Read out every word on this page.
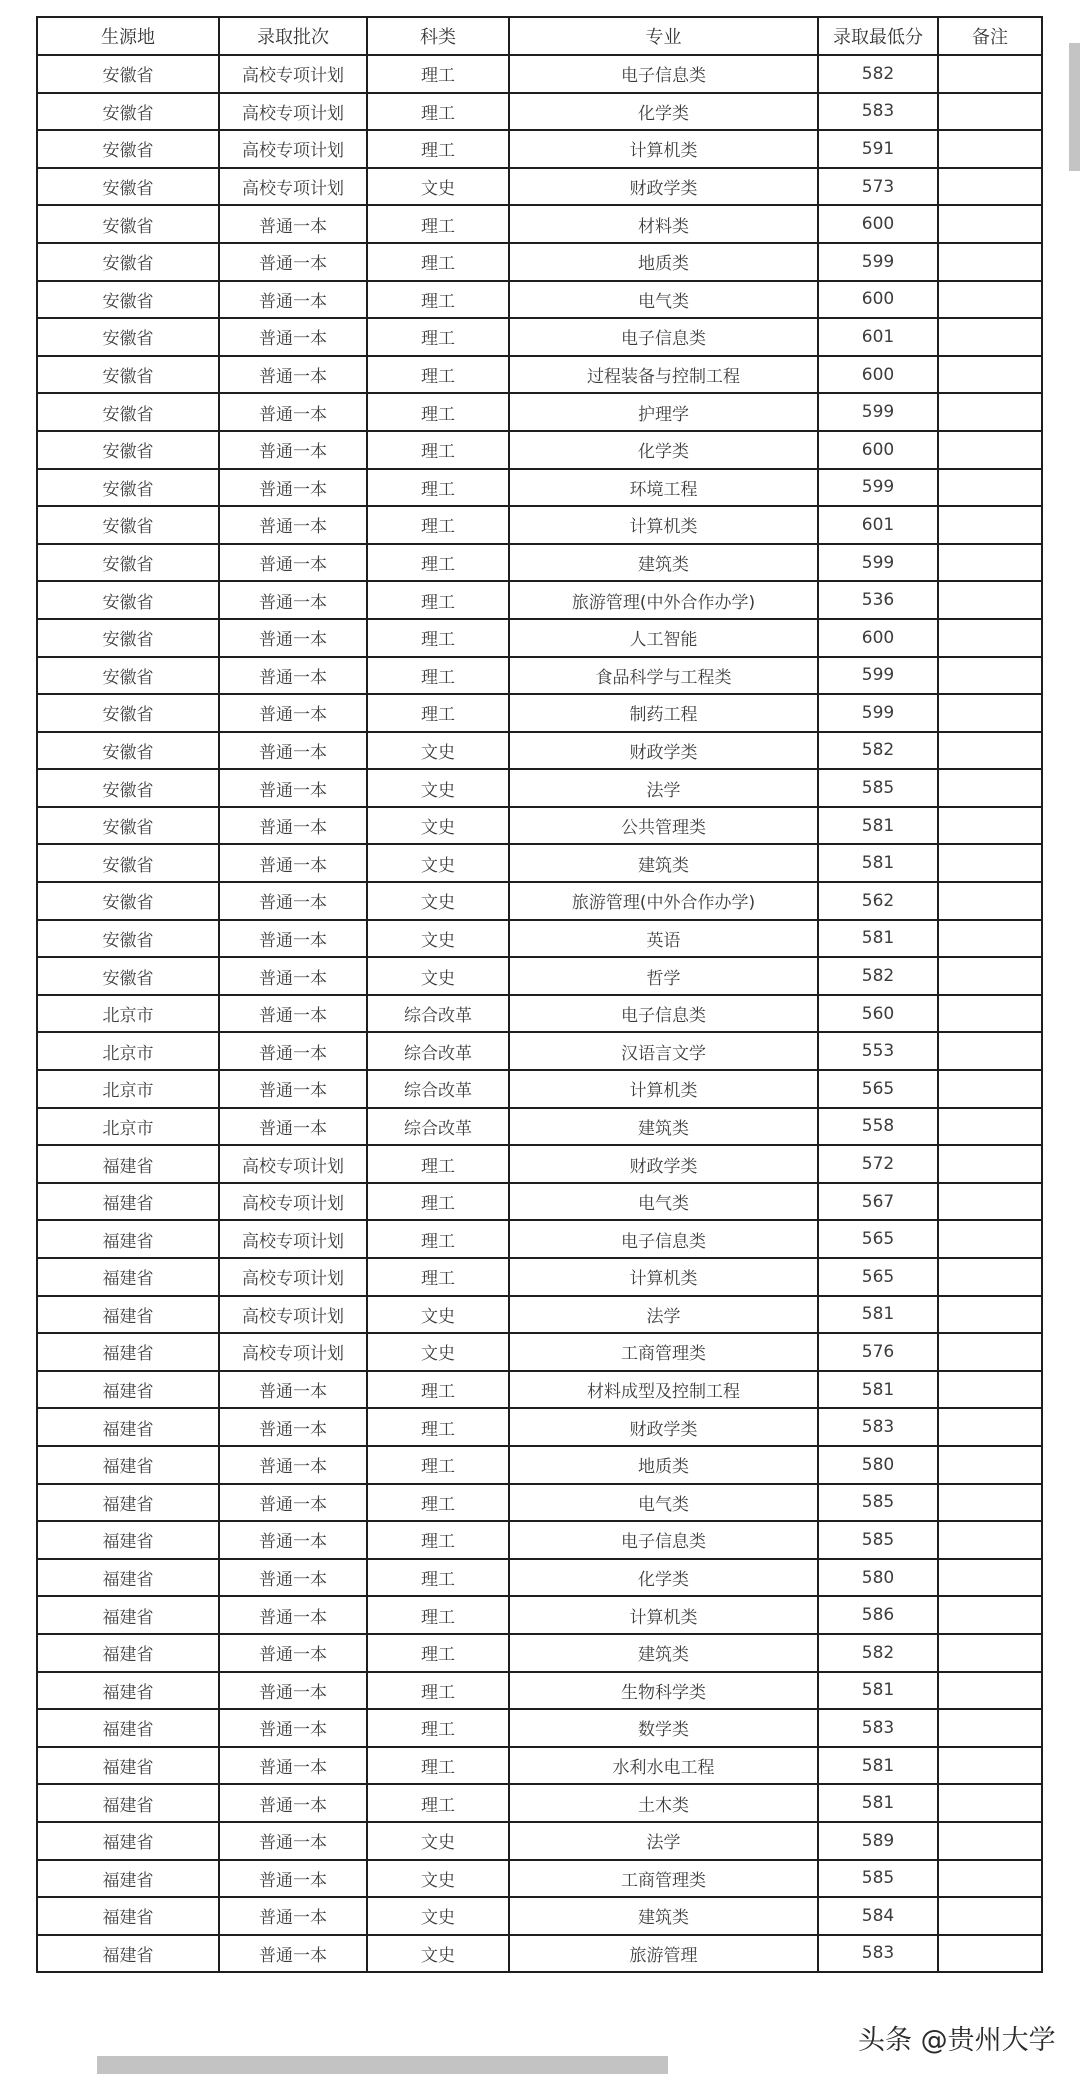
生源地	录取批次	科类	专业	录取最低分	备注
安徽省	高校专项计划	理工	电子信息类	582	
安徽省	高校专项计划	理工	化学类	583	
安徽省	高校专项计划	理工	计算机类	591	
安徽省	高校专项计划	文史	财政学类	573	
安徽省	普通一本	理工	材料类	600	
安徽省	普通一本	理工	地质类	599	
安徽省	普通一本	理工	电气类	600	
安徽省	普通一本	理工	电子信息类	601	
安徽省	普通一本	理工	过程装备与控制工程	600	
安徽省	普通一本	理工	护理学	599	
安徽省	普通一本	理工	化学类	600	
安徽省	普通一本	理工	环境工程	599	
安徽省	普通一本	理工	计算机类	601	
安徽省	普通一本	理工	建筑类	599	
安徽省	普通一本	理工	旅游管理(中外合作办学)	536	
安徽省	普通一本	理工	人工智能	600	
安徽省	普通一本	理工	食品科学与工程类	599	
安徽省	普通一本	理工	制药工程	599	
安徽省	普通一本	文史	财政学类	582	
安徽省	普通一本	文史	法学	585	
安徽省	普通一本	文史	公共管理类	581	
安徽省	普通一本	文史	建筑类	581	
安徽省	普通一本	文史	旅游管理(中外合作办学)	562	
安徽省	普通一本	文史	英语	581	
安徽省	普通一本	文史	哲学	582	
北京市	普通一本	综合改革	电子信息类	560	
北京市	普通一本	综合改革	汉语言文学	553	
北京市	普通一本	综合改革	计算机类	565	
北京市	普通一本	综合改革	建筑类	558	
福建省	高校专项计划	理工	财政学类	572	
福建省	高校专项计划	理工	电气类	567	
福建省	高校专项计划	理工	电子信息类	565	
福建省	高校专项计划	理工	计算机类	565	
福建省	高校专项计划	文史	法学	581	
福建省	高校专项计划	文史	工商管理类	576	
福建省	普通一本	理工	材料成型及控制工程	581	
福建省	普通一本	理工	财政学类	583	
福建省	普通一本	理工	地质类	580	
福建省	普通一本	理工	电气类	585	
福建省	普通一本	理工	电子信息类	585	
福建省	普通一本	理工	化学类	580	
福建省	普通一本	理工	计算机类	586	
福建省	普通一本	理工	建筑类	582	
福建省	普通一本	理工	生物科学类	581	
福建省	普通一本	理工	数学类	583	
福建省	普通一本	理工	水利水电工程	581	
福建省	普通一本	理工	土木类	581	
福建省	普通一本	文史	法学	589	
福建省	普通一本	文史	工商管理类	585	
福建省	普通一本	文史	建筑类	584	
福建省	普通一本	文史	旅游管理	583	
头条 @贵州大学
